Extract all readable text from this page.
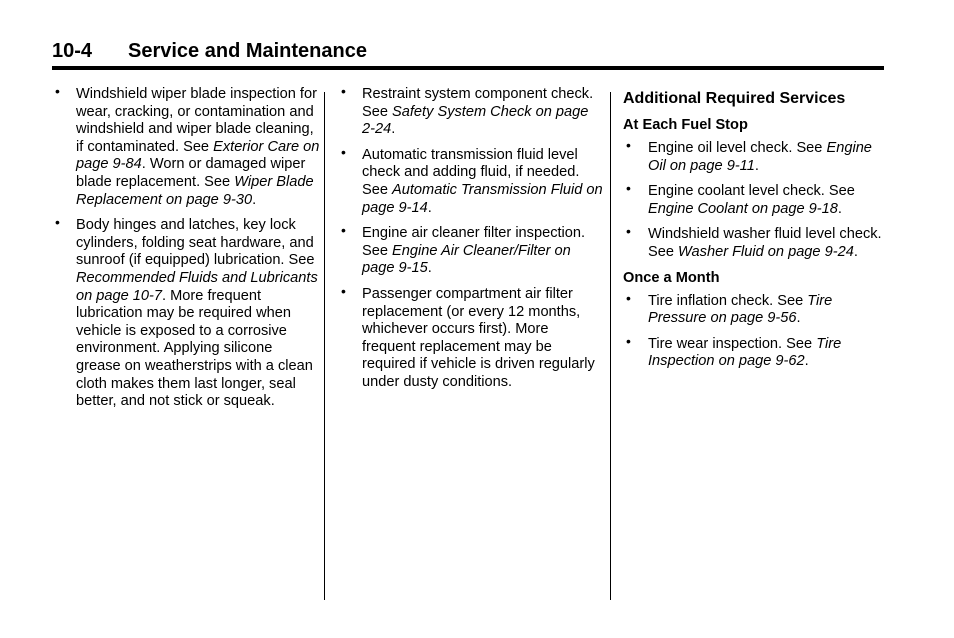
10-4 Service and Maintenance
• Windshield wiper blade inspection for wear, cracking, or contamination and windshield and wiper blade cleaning, if contaminated. See Exterior Care on page 9-84. Worn or damaged wiper blade replacement. See Wiper Blade Replacement on page 9-30.
• Body hinges and latches, key lock cylinders, folding seat hardware, and sunroof (if equipped) lubrication. See Recommended Fluids and Lubricants on page 10-7. More frequent lubrication may be required when vehicle is exposed to a corrosive environment. Applying silicone grease on weatherstrips with a clean cloth makes them last longer, seal better, and not stick or squeak.
• Restraint system component check. See Safety System Check on page 2-24.
• Automatic transmission fluid level check and adding fluid, if needed. See Automatic Transmission Fluid on page 9-14.
• Engine air cleaner filter inspection. See Engine Air Cleaner/Filter on page 9-15.
• Passenger compartment air filter replacement (or every 12 months, whichever occurs first). More frequent replacement may be required if vehicle is driven regularly under dusty conditions.
Additional Required Services
At Each Fuel Stop
• Engine oil level check. See Engine Oil on page 9-11.
• Engine coolant level check. See Engine Coolant on page 9-18.
• Windshield washer fluid level check. See Washer Fluid on page 9-24.
Once a Month
• Tire inflation check. See Tire Pressure on page 9-56.
• Tire wear inspection. See Tire Inspection on page 9-62.
